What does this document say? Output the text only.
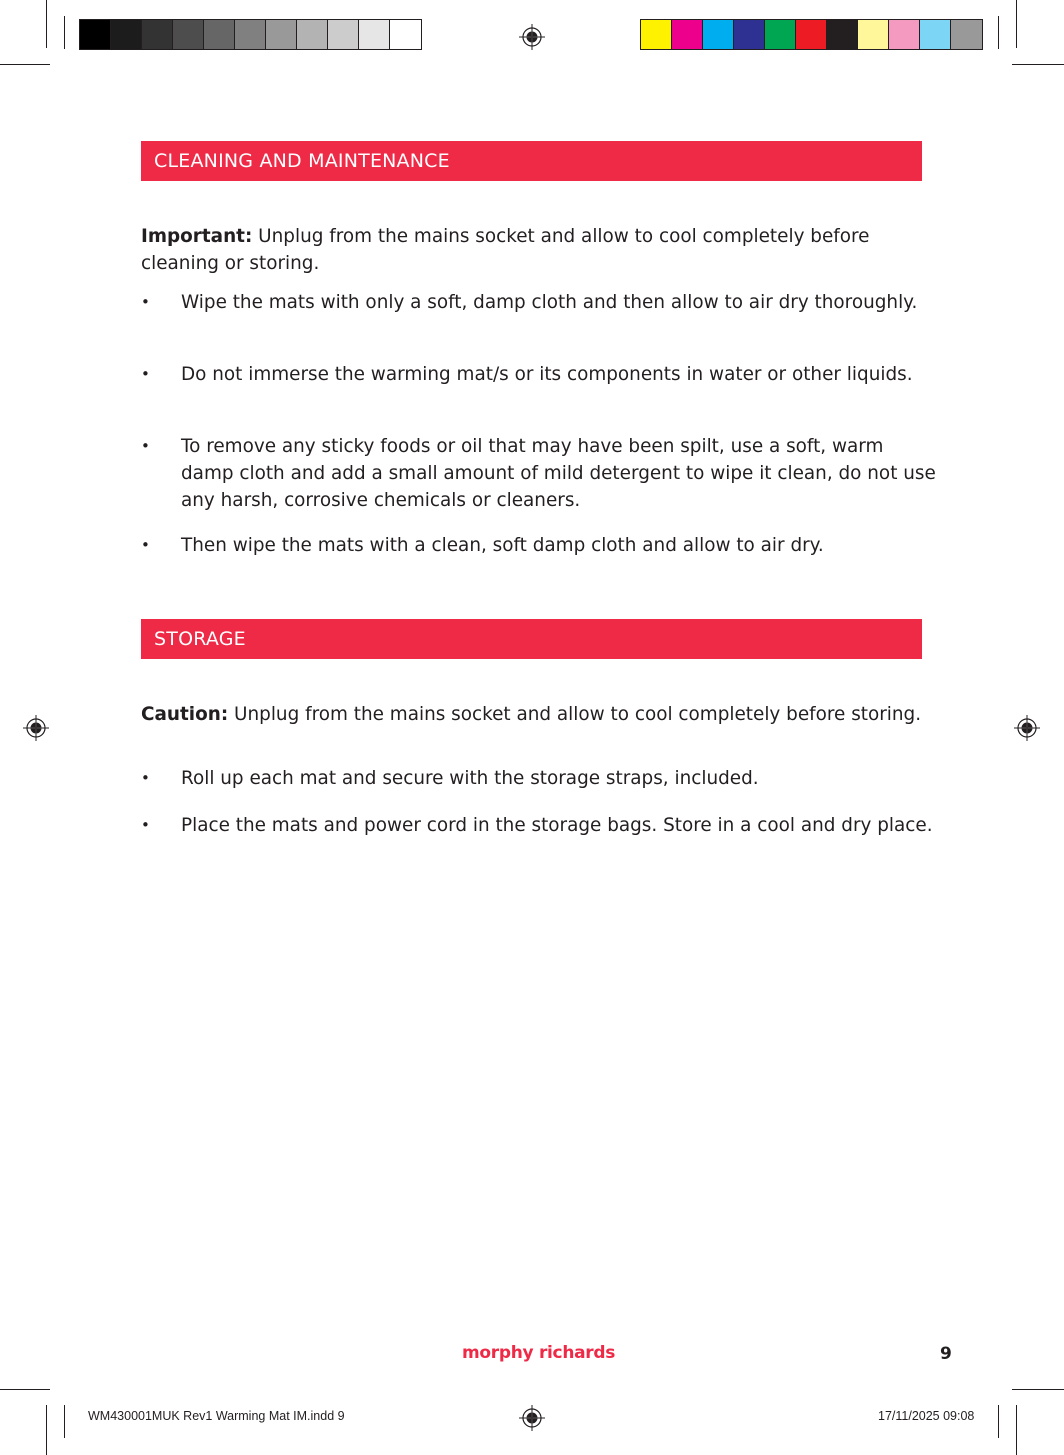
CLEANING AND MAINTENANCE
Important: Unplug from the mains socket and allow to cool completely before cleaning or storing.
•	Wipe the mats with only a soft, damp cloth and then allow to air dry thoroughly.
•	Do not immerse the warming mat/s or its components in water or other liquids.
•	To remove any sticky foods or oil that may have been spilt, use a soft, warm damp cloth and add a small amount of mild detergent to wipe it clean, do not use any harsh, corrosive chemicals or cleaners.
•	Then wipe the mats with a clean, soft damp cloth and allow to air dry.
STORAGE
Caution: Unplug from the mains socket and allow to cool completely before storing.
•	Roll up each mat and secure with the storage straps, included.
•	Place the mats and power cord in the storage bags. Store in a cool and dry place.
morphy richards	9
WM430001MUK Rev1 Warming Mat IM.indd 9	17/11/2025 09:08
